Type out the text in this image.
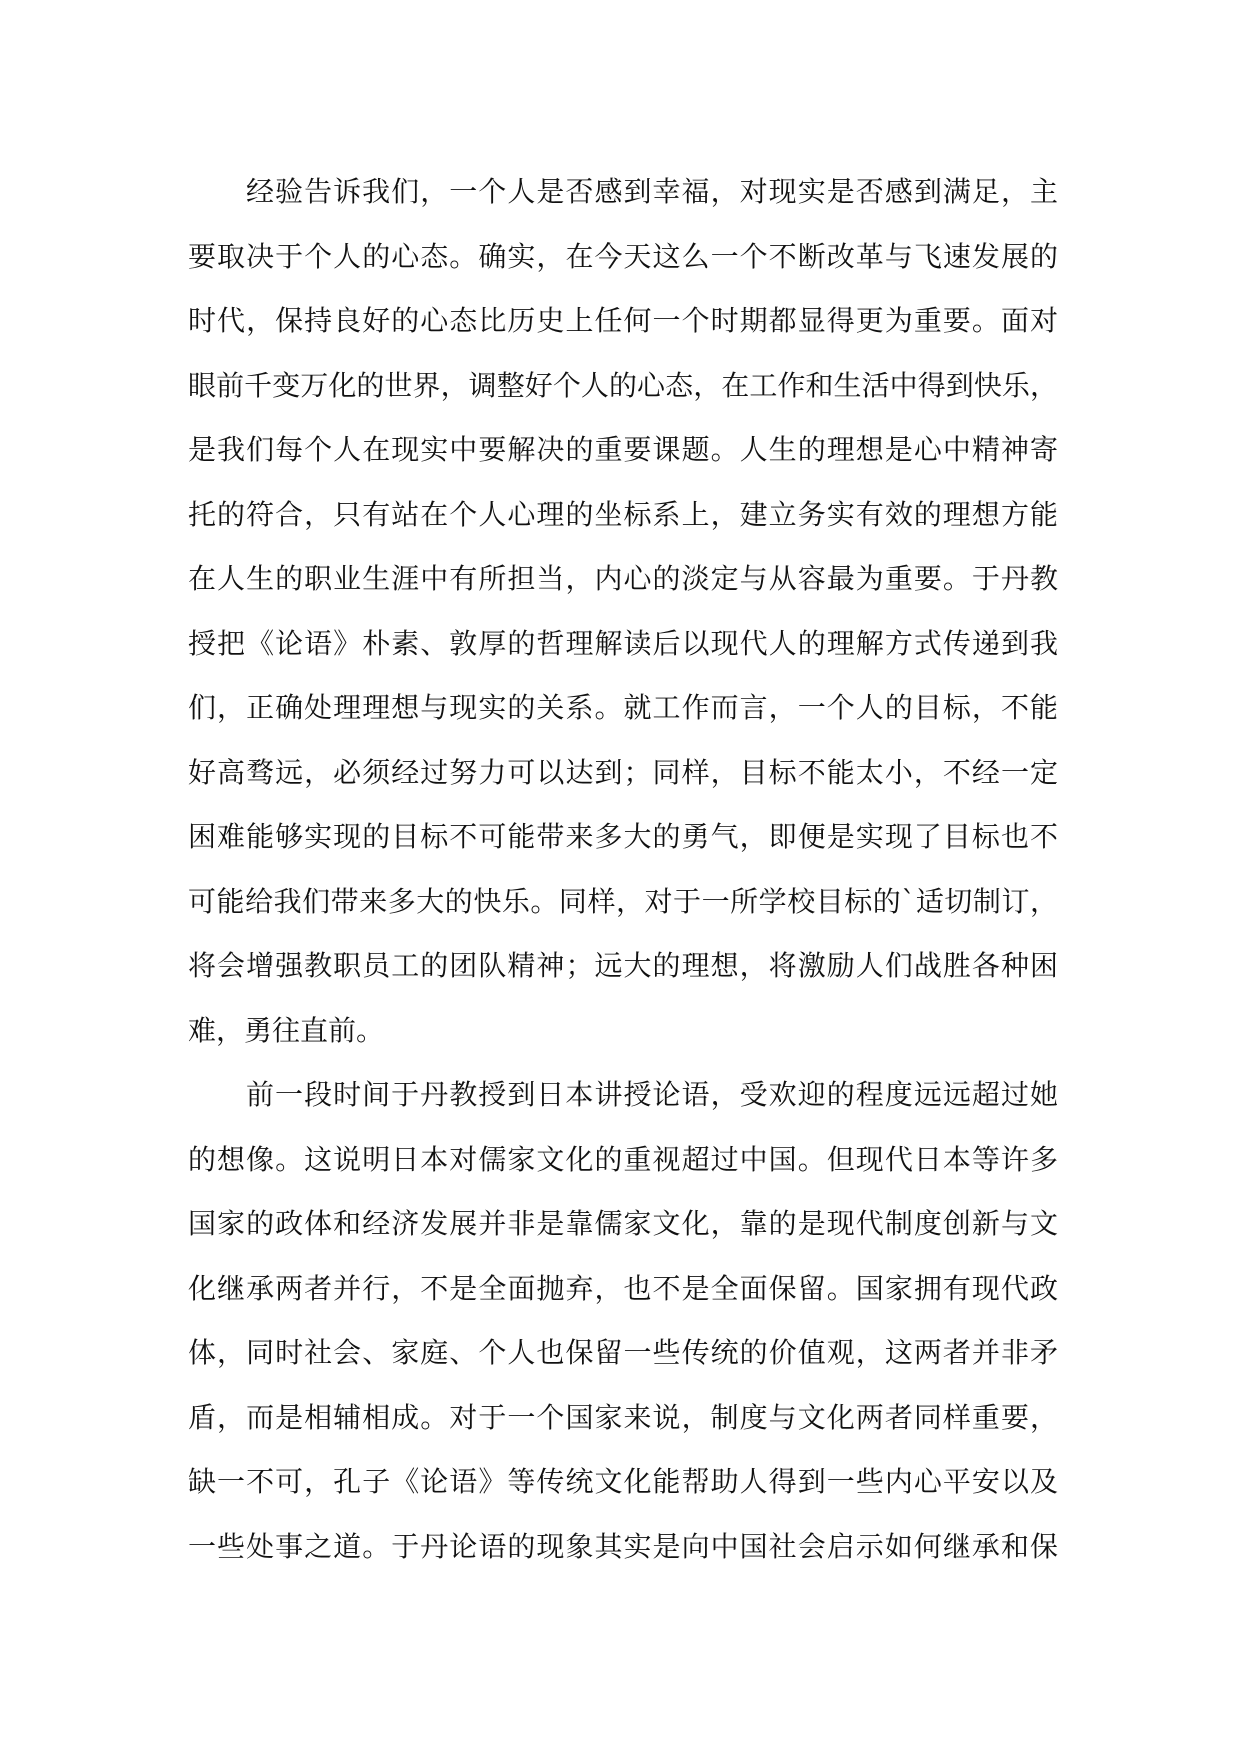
经验告诉我们，一个人是否感到幸福，对现实是否感到满足，主
要取决于个人的心态。确实，在今天这么一个不断改革与飞速发展的
时代，保持良好的心态比历史上任何一个时期都显得更为重要。面对
眼前千变万化的世界，调整好个人的心态，在工作和生活中得到快乐，
是我们每个人在现实中要解决的重要课题。人生的理想是心中精神寄
托的符合，只有站在个人心理的坐标系上，建立务实有效的理想方能
在人生的职业生涯中有所担当，内心的淡定与从容最为重要。于丹教
授把《论语》朴素、敦厚的哲理解读后以现代人的理解方式传递到我
们，正确处理理想与现实的关系。就工作而言，一个人的目标，不能
好高骛远，必须经过努力可以达到；同样，目标不能太小，不经一定
困难能够实现的目标不可能带来多大的勇气，即便是实现了目标也不
可能给我们带来多大的快乐。同样，对于一所学校目标的`适切制订，
将会增强教职员工的团队精神；远大的理想，将激励人们战胜各种困
难，勇往直前。

前一段时间于丹教授到日本讲授论语，受欢迎的程度远远超过她
的想像。这说明日本对儒家文化的重视超过中国。但现代日本等许多
国家的政体和经济发展并非是靠儒家文化，靠的是现代制度创新与文
化继承两者并行，不是全面抛弃，也不是全面保留。国家拥有现代政
体，同时社会、家庭、个人也保留一些传统的价值观，这两者并非矛
盾，而是相辅相成。对于一个国家来说，制度与文化两者同样重要，
缺一不可，孔子《论语》等传统文化能帮助人得到一些内心平安以及
一些处事之道。于丹论语的现象其实是向中国社会启示如何继承和保
